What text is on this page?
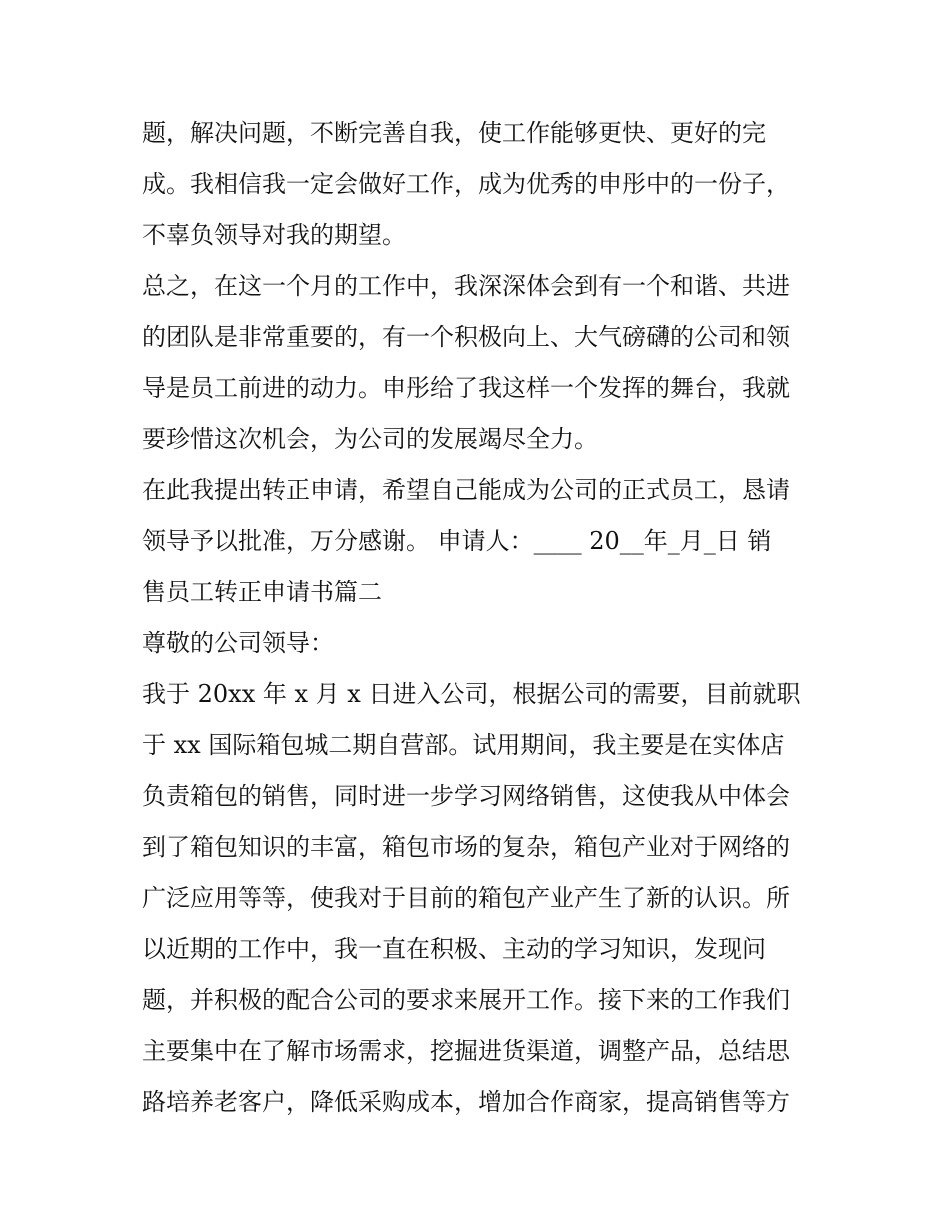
题，解决问题，不断完善自我，使工作能够更快、更好的完
成。我相信我一定会做好工作，成为优秀的申彤中的一份子，
不辜负领导对我的期望。
总之，在这一个月的工作中，我深深体会到有一个和谐、共进
的团队是非常重要的，有一个积极向上、大气磅礴的公司和领
导是员工前进的动力。申彤给了我这样一个发挥的舞台，我就
要珍惜这次机会，为公司的发展竭尽全力。
在此我提出转正申请，希望自己能成为公司的正式员工，恳请
领导予以批准，万分感谢。 申请人：____ 20__年_月_日 销
售员工转正申请书篇二
尊敬的公司领导：
我于 20xx 年 x 月 x 日进入公司，根据公司的需要，目前就职
于 xx 国际箱包城二期自营部。试用期间，我主要是在实体店
负责箱包的销售，同时进一步学习网络销售，这使我从中体会
到了箱包知识的丰富，箱包市场的复杂，箱包产业对于网络的
广泛应用等等，使我对于目前的箱包产业产生了新的认识。所
以近期的工作中，我一直在积极、主动的学习知识，发现问
题，并积极的配合公司的要求来展开工作。接下来的工作我们
主要集中在了解市场需求，挖掘进货渠道，调整产品，总结思
路培养老客户，降低采购成本，增加合作商家，提高销售等方
